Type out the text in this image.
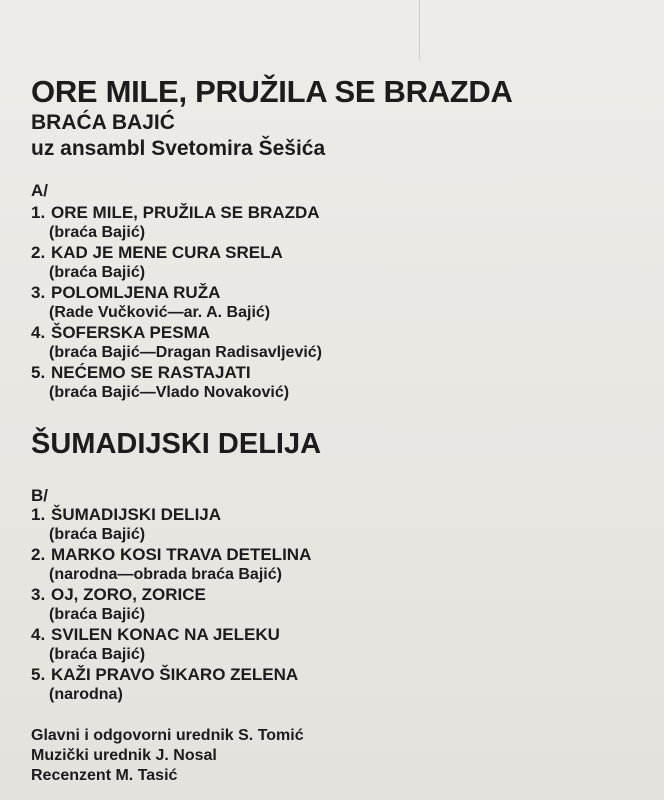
ORE MILE, PRUŽILA SE BRAZDA
BRAĆA BAJIĆ
uz ansambl Svetomira Šešića
A/
1. ORE MILE, PRUŽILA SE BRAZDA
(braća Bajić)
2. KAD JE MENE CURA SRELA
(braća Bajić)
3. POLOMLJENA RUŽA
(Rade Vučković—ar. A. Bajić)
4. ŠOFERSKA PESMA
(braća Bajić—Dragan Radisavljević)
5. NEĆEMO SE RASTAJATI
(braća Bajić—Vlado Novaković)
ŠUMADIJSKI DELIJA
B/
1. ŠUMADIJSKI DELIJA
(braća Bajić)
2. MARKO KOSI TRAVA DETELINA
(narodna—obrada braća Bajić)
3. OJ, ZORO, ZORICE
(braća Bajić)
4. SVILEN KONAC NA JELEKU
(braća Bajić)
5. KAŽI PRAVO ŠIKARO ZELENA
(narodna)
Glavni i odgovorni urednik S. Tomić
Muzički urednik J. Nosal
Recenzent M. Tasić
